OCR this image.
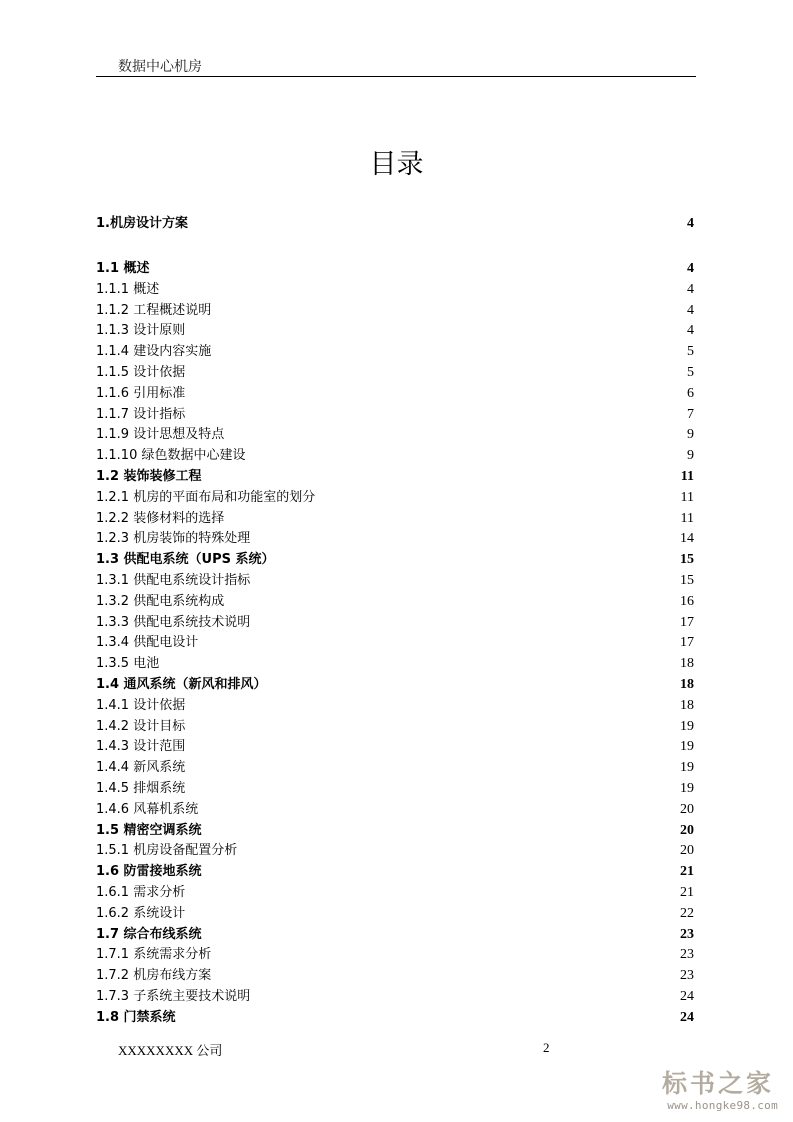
数据中心机房
目录
1.机房设计方案	4
1.1 概述	4
1.1.1 概述	4
1.1.2 工程概述说明	4
1.1.3 设计原则	4
1.1.4 建设内容实施	5
1.1.5 设计依据	5
1.1.6 引用标准	6
1.1.7 设计指标	7
1.1.9 设计思想及特点	9
1.1.10 绿色数据中心建设	9
1.2 装饰装修工程	11
1.2.1 机房的平面布局和功能室的划分	11
1.2.2 装修材料的选择	11
1.2.3 机房装饰的特殊处理	14
1.3 供配电系统（UPS 系统）	15
1.3.1 供配电系统设计指标	15
1.3.2 供配电系统构成	16
1.3.3 供配电系统技术说明	17
1.3.4 供配电设计	17
1.3.5 电池	18
1.4 通风系统（新风和排风）	18
1.4.1 设计依据	18
1.4.2 设计目标	19
1.4.3 设计范围	19
1.4.4 新风系统	19
1.4.5 排烟系统	19
1.4.6 风幕机系统	20
1.5 精密空调系统	20
1.5.1 机房设备配置分析	20
1.6 防雷接地系统	21
1.6.1 需求分析	21
1.6.2 系统设计	22
1.7 综合布线系统	23
1.7.1 系统需求分析	23
1.7.2 机房布线方案	23
1.7.3 子系统主要技术说明	24
1.8 门禁系统	24
XXXXXXXX 公司	2
标书之家
www.hongke98.com
